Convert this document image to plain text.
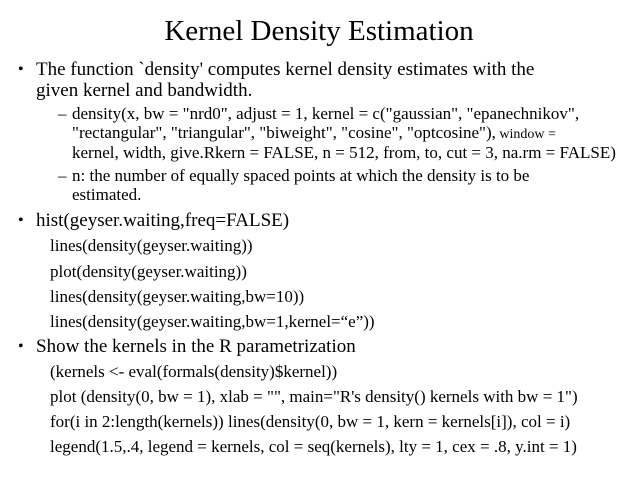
Kernel Density Estimation
• The function `density' computes kernel density estimates with the
given kernel and bandwidth.
– density(x, bw = "nrd0", adjust = 1, kernel = c("gaussian", "epanechnikov",
"rectangular", "triangular", "biweight", "cosine", "optcosine"), window =
kernel, width, give.Rkern = FALSE, n = 512, from, to, cut = 3, na.rm = FALSE)
– n: the number of equally spaced points at which the density is to be
estimated.
• hist(geyser.waiting,freq=FALSE)
lines(density(geyser.waiting))
plot(density(geyser.waiting))
lines(density(geyser.waiting,bw=10))
lines(density(geyser.waiting,bw=1,kernel=“e”))
• Show the kernels in the R parametrization
(kernels <- eval(formals(density)$kernel))
plot (density(0, bw = 1), xlab = "", main="R's density() kernels with bw = 1")
for(i in 2:length(kernels)) lines(density(0, bw = 1, kern = kernels[i]), col = i)
legend(1.5,.4, legend = kernels, col = seq(kernels), lty = 1, cex = .8, y.int = 1)
